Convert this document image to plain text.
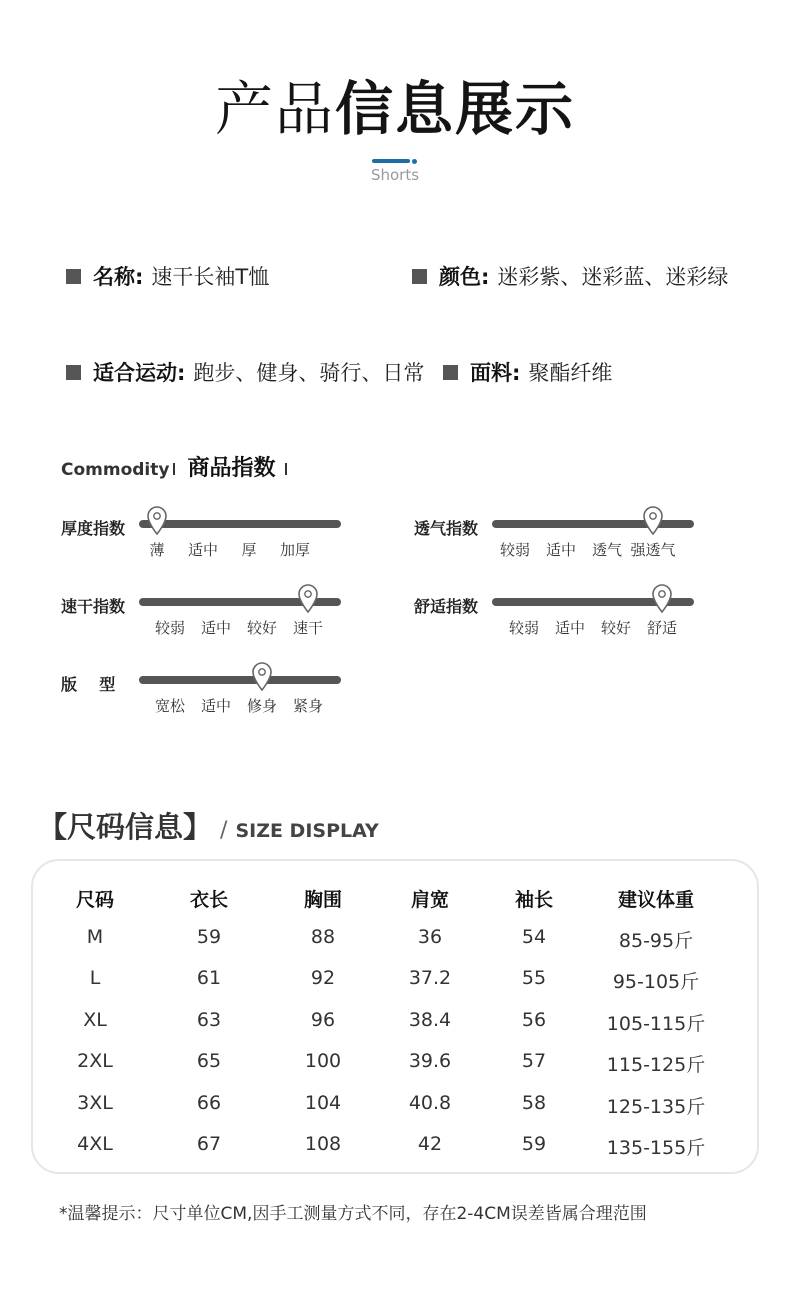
产品信息展示
Shorts
名称: 速干长袖T恤	颜色: 迷彩紫、迷彩蓝、迷彩绿
适合运动: 跑步、健身、骑行、日常 面料: 聚酯纤维
Commodity 商品指数
厚度指数
薄 适中 厚 加厚
透气指数
较弱 适中 透气 强透气
速干指数
较弱 适中 较好 速干
舒适指数
较弱 适中 较好 舒适
版    型
宽松 适中 修身 紧身
【尺码信息】 / SIZE DISPLAY
尺码	衣长	胸围	肩宽	袖长	建议体重
M	59	88	36	54	85-95斤
L	61	92	37.2	55	95-105斤
XL	63	96	38.4	56	105-115斤
2XL	65	100	39.6	57	115-125斤
3XL	66	104	40.8	58	125-135斤
4XL	67	108	42	59	135-155斤
*温馨提示：尺寸单位CM,因手工测量方式不同，存在2-4CM误差皆属合理范围
